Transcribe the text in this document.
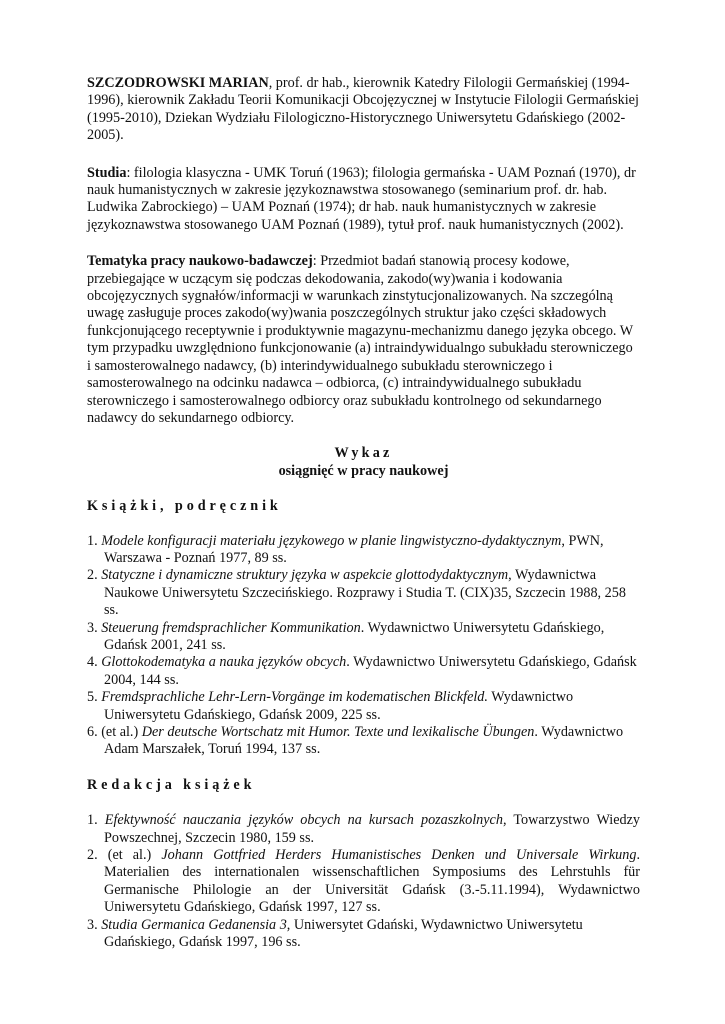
SZCZODROWSKI MARIAN, prof. dr hab., kierownik Katedry Filologii Germańskiej (1994-1996), kierownik Zakładu Teorii Komunikacji Obcojęzycznej w Instytucie Filologii Germańskiej (1995-2010), Dziekan Wydziału Filologiczno-Historycznego Uniwersytetu Gdańskiego (2002-2005).

Studia: filologia klasyczna - UMK Toruń (1963); filologia germańska - UAM Poznań (1970), dr nauk humanistycznych w zakresie językoznawstwa stosowanego (seminarium prof. dr. hab. Ludwika Zabrockiego) – UAM Poznań (1974); dr hab. nauk humanistycznych w zakresie językoznawstwa stosowanego UAM Poznań (1989), tytuł prof. nauk humanistycznych (2002).

Tematyka pracy naukowo-badawczej: Przedmiot badań stanowią procesy kodowe, przebiegające w uczącym się podczas dekodowania, zakodo(wy)wania i kodowania obcojęzycznych sygnałów/informacji w warunkach zinstytucjonalizowanych. Na szczególną uwagę zasługuje proces zakodo(wy)wania poszczególnych struktur jako części składowych funkcjonującego receptywnie i produktywnie magazynu-mechanizmu danego języka obcego. W tym przypadku uwzględniono funkcjonowanie (a) intraindywidualngo subukładu sterowniczego i samosterowalnego nadawcy, (b) interindywidualnego subukładu sterowniczego i samosterowalnego na odcinku nadawca – odbiorca, (c) intraindywidualnego subukładu sterowniczego i samosterowalnego odbiorcy oraz subukładu kontrolnego od sekundarnego nadawcy do sekundarnego odbiorcy.

Wykaz
osiągnięć w pracy naukowej

Książki, podręcznik

1. Modele konfiguracji materiału językowego w planie lingwistyczno-dydaktycznym, PWN, Warszawa - Poznań 1977, 89 ss.
2. Statyczne i dynamiczne struktury języka w aspekcie glottodydaktycznym, Wydawnictwa Naukowe Uniwersytetu Szczecińskiego. Rozprawy i Studia T. (CIX)35, Szczecin 1988, 258 ss.
3. Steuerung fremdsprachlicher Kommunikation. Wydawnictwo Uniwersytetu Gdańskiego, Gdańsk 2001, 241 ss.
4. Glottokodematyka a nauka języków obcych. Wydawnictwo Uniwersytetu Gdańskiego, Gdańsk 2004, 144 ss.
5. Fremdsprachliche Lehr-Lern-Vorgänge im kodematischen Blickfeld. Wydawnictwo Uniwersytetu Gdańskiego, Gdańsk 2009, 225 ss.
6. (et al.) Der deutsche Wortschatz mit Humor. Texte und lexikalische Übungen. Wydawnictwo Adam Marszałek, Toruń 1994, 137 ss.

Redakcja książek

1. Efektywność nauczania języków obcych na kursach pozaszkolnych, Towarzystwo Wiedzy Powszechnej, Szczecin 1980, 159 ss.
2. (et al.) Johann Gottfried Herders Humanistisches Denken und Universale Wirkung. Materialien des internationalen wissenschaftlichen Symposiums des Lehrstuhls für Germanische Philologie an der Universität Gdańsk (3.-5.11.1994), Wydawnictwo Uniwersytetu Gdańskiego, Gdańsk 1997, 127 ss.
3. Studia Germanica Gedanensia 3, Uniwersytet Gdański, Wydawnictwo Uniwersytetu Gdańskiego, Gdańsk 1997, 196 ss.
